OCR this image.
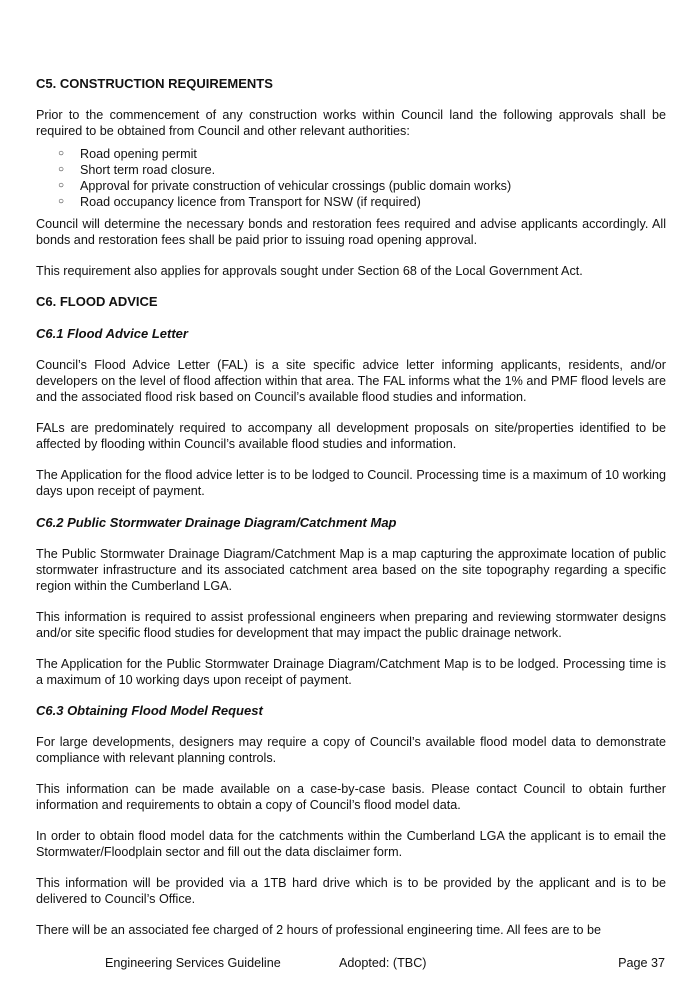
C5. CONSTRUCTION REQUIREMENTS

Prior to the commencement of any construction works within Council land the following approvals shall be required to be obtained from Council and other relevant authorities:

○ Road opening permit
○ Short term road closure.
○ Approval for private construction of vehicular crossings (public domain works)
○ Road occupancy licence from Transport for NSW (if required)

Council will determine the necessary bonds and restoration fees required and advise applicants accordingly. All bonds and restoration fees shall be paid prior to issuing road opening approval.

This requirement also applies for approvals sought under Section 68 of the Local Government Act.

C6. FLOOD ADVICE
C6.1 Flood Advice Letter

Council’s Flood Advice Letter (FAL) is a site specific advice letter informing applicants, residents, and/or developers on the level of flood affection within that area. The FAL informs what the 1% and PMF flood levels are and the associated flood risk based on Council’s available flood studies and information.

FALs are predominately required to accompany all development proposals on site/properties identified to be affected by flooding within Council’s available flood studies and information.

The Application for the flood advice letter is to be lodged to Council. Processing time is a maximum of 10 working days upon receipt of payment.

C6.2 Public Stormwater Drainage Diagram/Catchment Map

The Public Stormwater Drainage Diagram/Catchment Map is a map capturing the approximate location of public stormwater infrastructure and its associated catchment area based on the site topography regarding a specific region within the Cumberland LGA.

This information is required to assist professional engineers when preparing and reviewing stormwater designs and/or site specific flood studies for development that may impact the public drainage network.

The Application for the Public Stormwater Drainage Diagram/Catchment Map is to be lodged. Processing time is a maximum of 10 working days upon receipt of payment.

C6.3 Obtaining Flood Model Request

For large developments, designers may require a copy of Council’s available flood model data to demonstrate compliance with relevant planning controls.

This information can be made available on a case-by-case basis. Please contact Council to obtain further information and requirements to obtain a copy of Council’s flood model data.

In order to obtain flood model data for the catchments within the Cumberland LGA the applicant is to email the Stormwater/Floodplain sector and fill out the data disclaimer form.

This information will be provided via a 1TB hard drive which is to be provided by the applicant and is to be delivered to Council’s Office.

There will be an associated fee charged of 2 hours of professional engineering time. All fees are to be

Engineering Services Guideline	Adopted: (TBC)	Page 37
